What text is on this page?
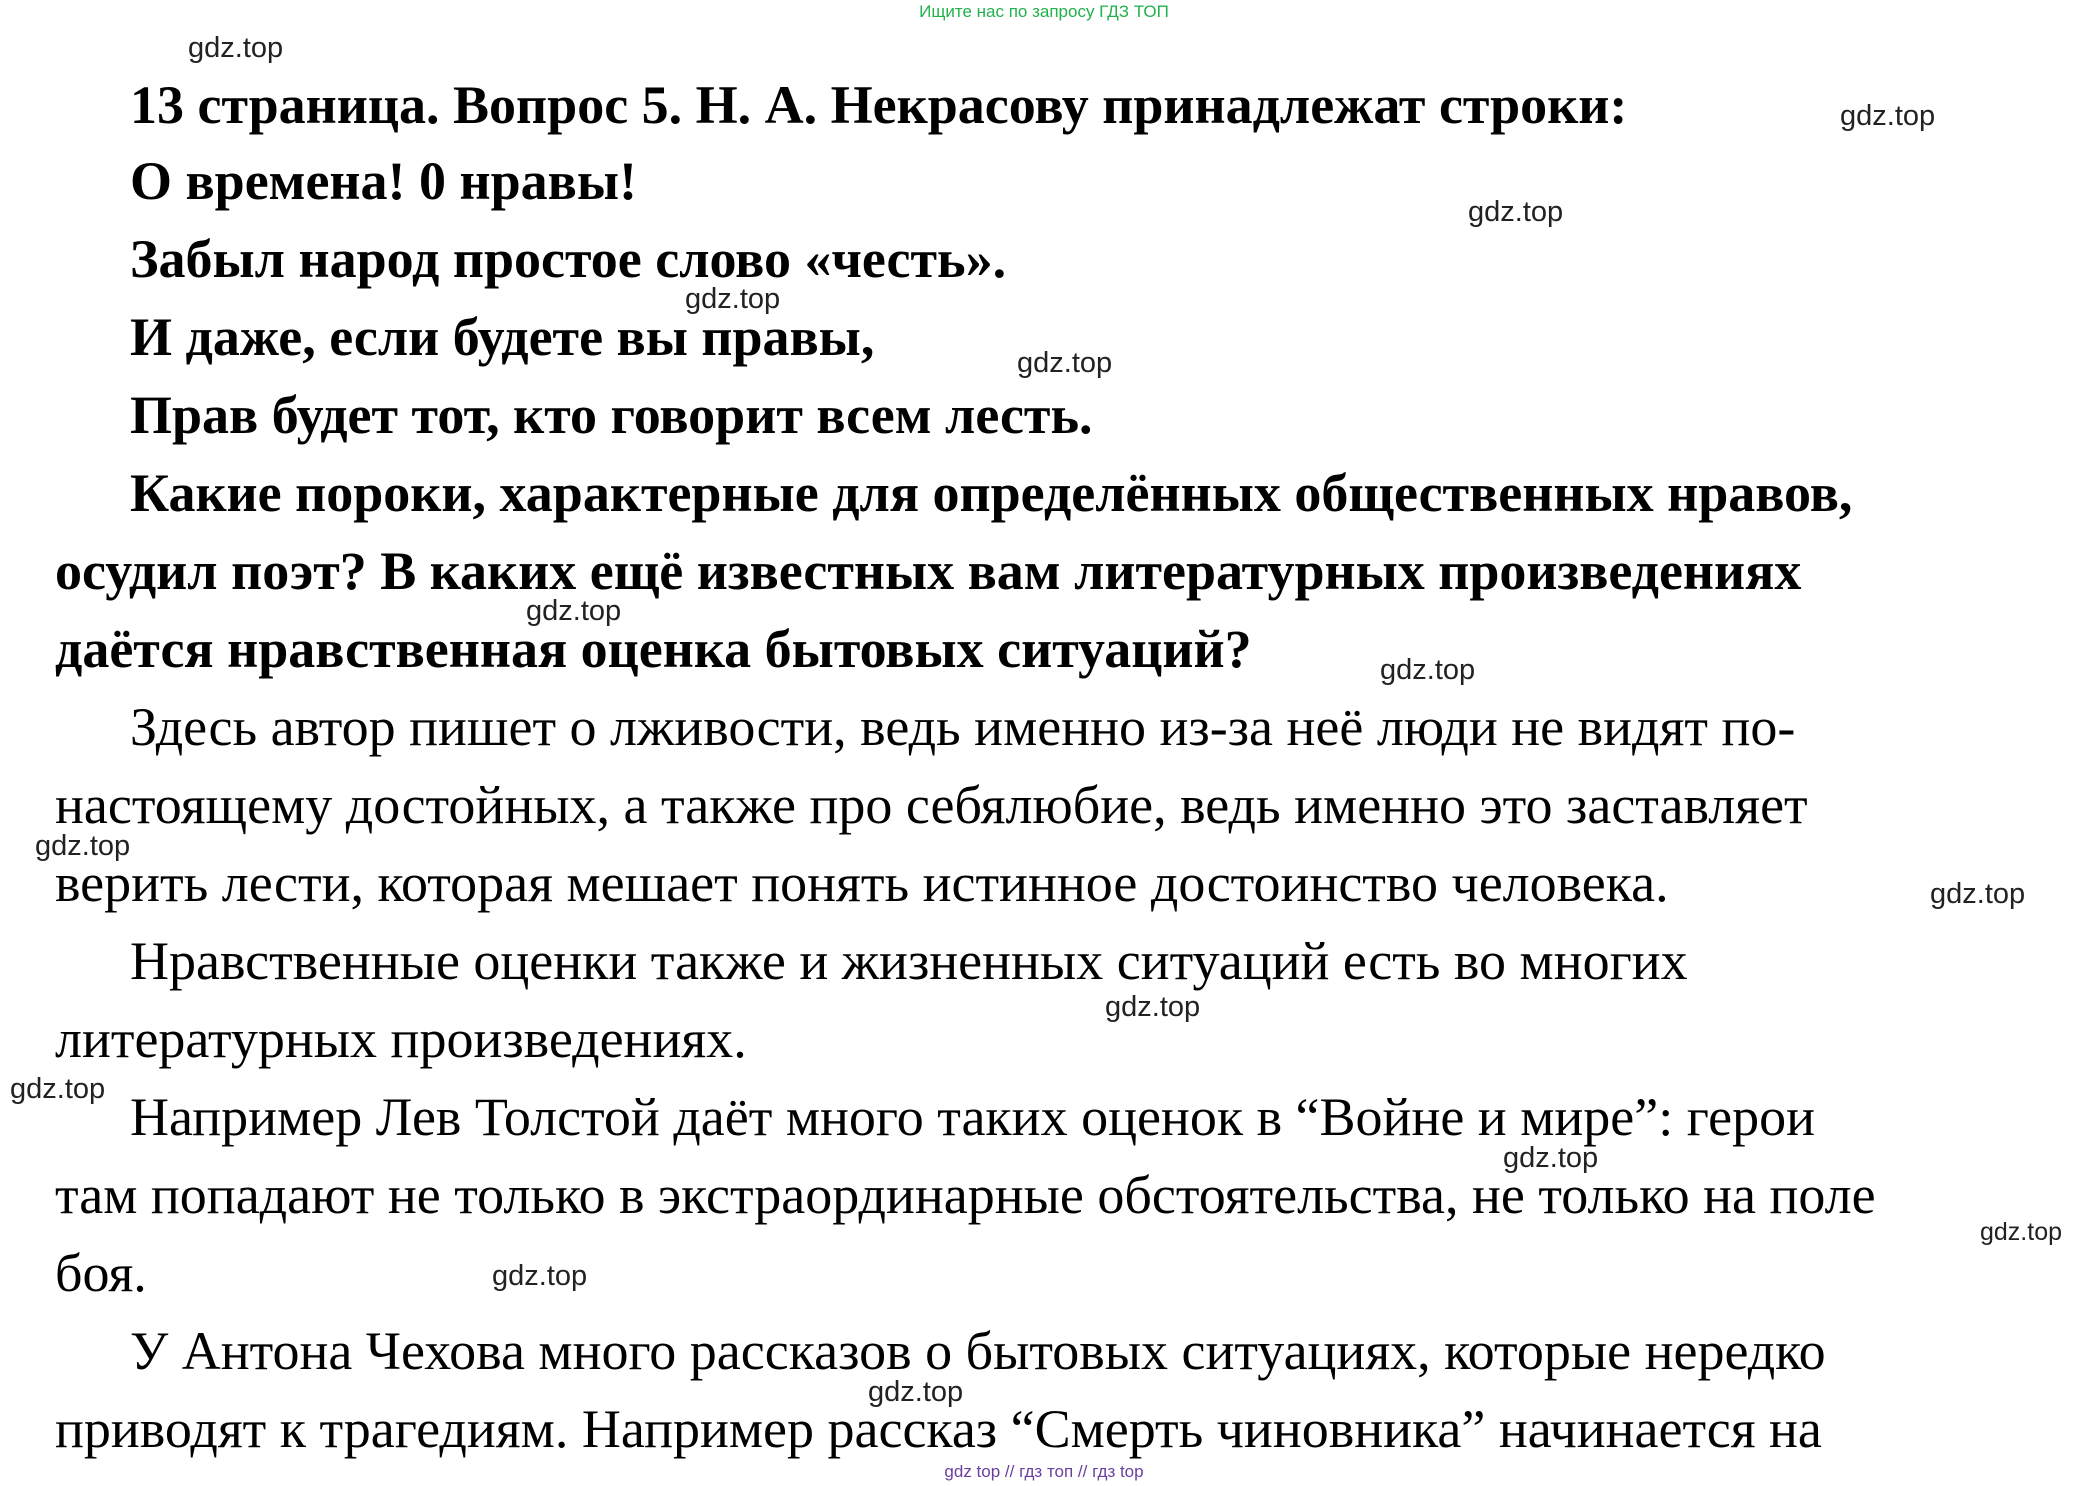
Ищите нас по запросу ГДЗ ТОП
13 страница. Вопрос 5. Н. А. Некрасову принадлежат строки:
О времена! 0 нравы!
Забыл народ простое слово «честь».
И даже, если будете вы правы,
Прав будет тот, кто говорит всем лесть.
Какие пороки, характерные для определённых общественных нравов,
осудил поэт? В каких ещё известных вам литературных произведениях
даётся нравственная оценка бытовых ситуаций?
Здесь автор пишет о лживости, ведь именно из-за неё люди не видят по-
настоящему достойных, а также про себялюбие, ведь именно это заставляет
верить лести, которая мешает понять истинное достоинство человека.
Нравственные оценки также и жизненных ситуаций есть во многих
литературных произведениях.
Например Лев Толстой даёт много таких оценок в “Войне и мире”: герои
там попадают не только в экстраординарные обстоятельства, не только на поле
боя.
У Антона Чехова много рассказов о бытовых ситуациях, которые нередко
приводят к трагедиям. Например рассказ “Смерть чиновника” начинается на
gdz.top
gdz.top
gdz.top
gdz.top
gdz.top
gdz.top
gdz.top
gdz.top
gdz.top
gdz.top
gdz.top
gdz.top
gdz.top
gdz.top
gdz.top
gdz top // гдз топ // гдз top
